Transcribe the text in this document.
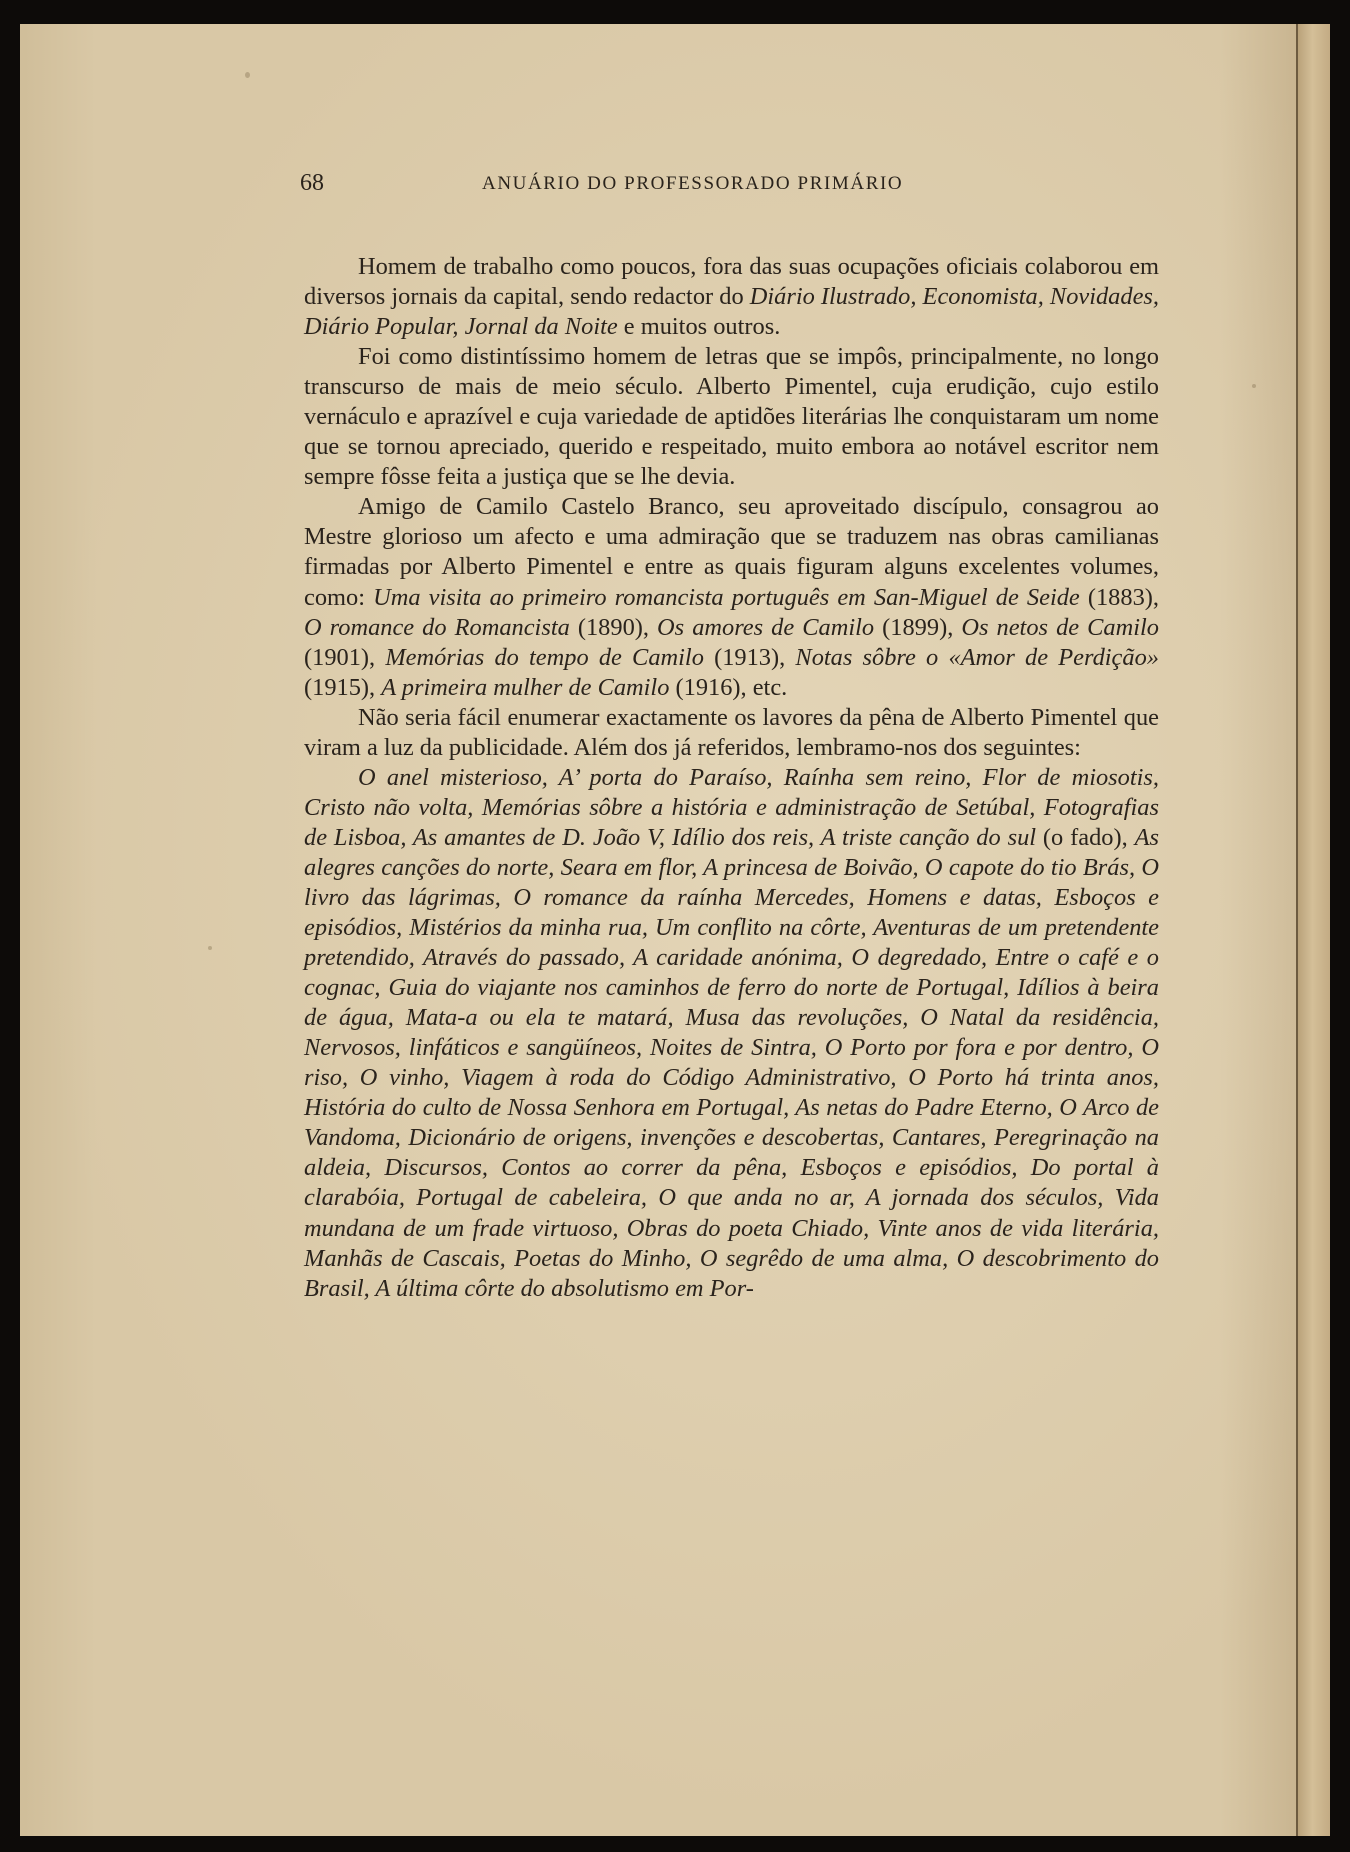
68	ANUÁRIO DO PROFESSORADO PRIMÁRIO

Homem de trabalho como poucos, fora das suas ocupações oficiais colaborou em diversos jornais da capital, sendo redactor do Diário Ilustrado, Economista, Novidades, Diário Popular, Jornal da Noite e muitos outros.

Foi como distintíssimo homem de letras que se impôs, principalmente, no longo transcurso de mais de meio século. Alberto Pimentel, cuja erudição, cujo estilo vernáculo e aprazível e cuja variedade de aptidões literárias lhe conquistaram um nome que se tornou apreciado, querido e respeitado, muito embora ao notável escritor nem sempre fôsse feita a justiça que se lhe devia.

Amigo de Camilo Castelo Branco, seu aproveitado discípulo, consagrou ao Mestre glorioso um afecto e uma admiração que se traduzem nas obras camilianas firmadas por Alberto Pimentel e entre as quais figuram alguns excelentes volumes, como: Uma visita ao primeiro romancista português em San-Miguel de Seide (1883), O romance do Romancista (1890), Os amores de Camilo (1899), Os netos de Camilo (1901), Memórias do tempo de Camilo (1913), Notas sôbre o «Amor de Perdição» (1915), A primeira mulher de Camilo (1916), etc.

Não seria fácil enumerar exactamente os lavores da pêna de Alberto Pimentel que viram a luz da publicidade. Além dos já referidos, lembramo-nos dos seguintes:

O anel misterioso, A’ porta do Paraíso, Raínha sem reino, Flor de miosotis, Cristo não volta, Memórias sôbre a história e administração de Setúbal, Fotografias de Lisboa, As amantes de D. João V, Idílio dos reis, A triste canção do sul (o fado), As alegres canções do norte, Seara em flor, A princesa de Boivão, O capote do tio Brás, O livro das lágrimas, O romance da raínha Mercedes, Homens e datas, Esboços e episódios, Mistérios da minha rua, Um conflito na côrte, Aventuras de um pretendente pretendido, Através do passado, A caridade anónima, O degredado, Entre o café e o cognac, Guia do viajante nos caminhos de ferro do norte de Portugal, Idílios à beira de água, Mata-a ou ela te matará, Musa das revoluções, O Natal da residência, Nervosos, linfáticos e sangüíneos, Noites de Sintra, O Porto por fora e por dentro, O riso, O vinho, Viagem à roda do Código Administrativo, O Porto há trinta anos, História do culto de Nossa Senhora em Portugal, As netas do Padre Eterno, O Arco de Vandoma, Dicionário de origens, invenções e descobertas, Cantares, Peregrinação na aldeia, Discursos, Contos ao correr da pêna, Esboços e episódios, Do portal à clarabóia, Portugal de cabeleira, O que anda no ar, A jornada dos séculos, Vida mundana de um frade virtuoso, Obras do poeta Chiado, Vinte anos de vida literária, Manhãs de Cascais, Poetas do Minho, O segrêdo de uma alma, O descobrimento do Brasil, A última côrte do absolutismo em Por-
